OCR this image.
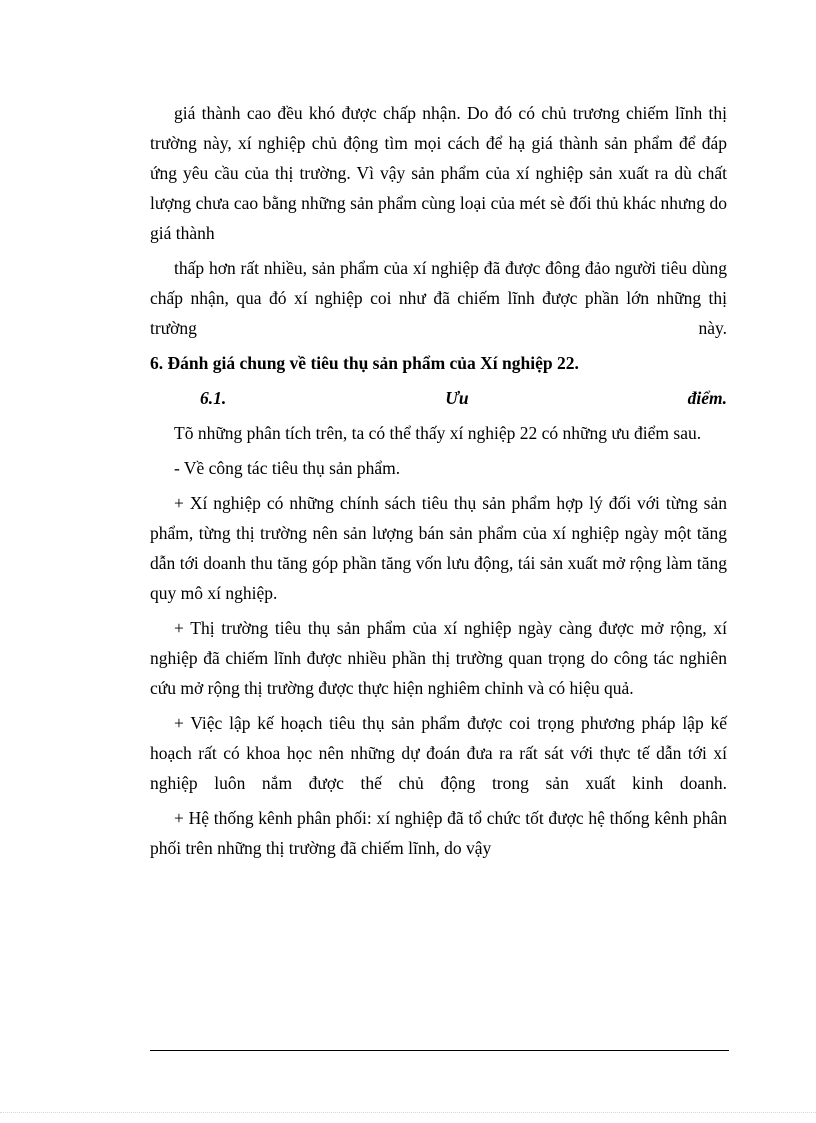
giá thành cao đều khó được chấp nhận. Do đó có chủ trương chiếm lĩnh thị trường này, xí nghiệp chủ động tìm mọi cách để hạ giá thành sản phẩm để đáp ứng yêu cầu của thị trường. Vì vậy sản phẩm của xí nghiệp sản xuất ra dù chất lượng chưa cao bằng những sản phẩm cùng loại của mét sè đối thủ khác nhưng do giá thành

thấp hơn rất nhiều, sản phẩm của xí nghiệp đã được đông đảo người tiêu dùng chấp nhận, qua đó xí nghiệp coi như đã chiếm lĩnh được phần lớn những thị trường này.

6. Đánh giá chung về tiêu thụ sản phẩm của Xí nghiệp 22.

6.1.	Ưu	điểm.

Tõ những phân tích trên, ta có thể thấy xí nghiệp 22 có những ưu điểm sau.

- Về công tác tiêu thụ sản phẩm.

+ Xí nghiệp có những chính sách tiêu thụ sản phẩm hợp lý đối với từng sản phẩm, từng thị trường nên sản lượng bán sản phẩm của xí nghiệp ngày một tăng dẫn tới doanh thu tăng góp phần tăng vốn lưu động, tái sản xuất mở rộng làm tăng quy mô xí nghiệp.

+ Thị trường tiêu thụ sản phẩm của xí nghiệp ngày càng được mở rộng, xí nghiệp đã chiếm lĩnh được nhiều phần thị trường quan trọng do công tác nghiên cứu mở rộng thị trường được thực hiện nghiêm chỉnh và có hiệu quả.

+ Việc lập kế hoạch tiêu thụ sản phẩm được coi trọng phương pháp lập kế hoạch rất có khoa học nên những dự đoán đưa ra rất sát với thực tế dẫn tới xí nghiệp luôn nắm được thế chủ động trong sản xuất kinh doanh.

+ Hệ thống kênh phân phối: xí nghiệp đã tổ chức tốt được hệ thống kênh phân phối trên những thị trường đã chiếm lĩnh, do vậy
